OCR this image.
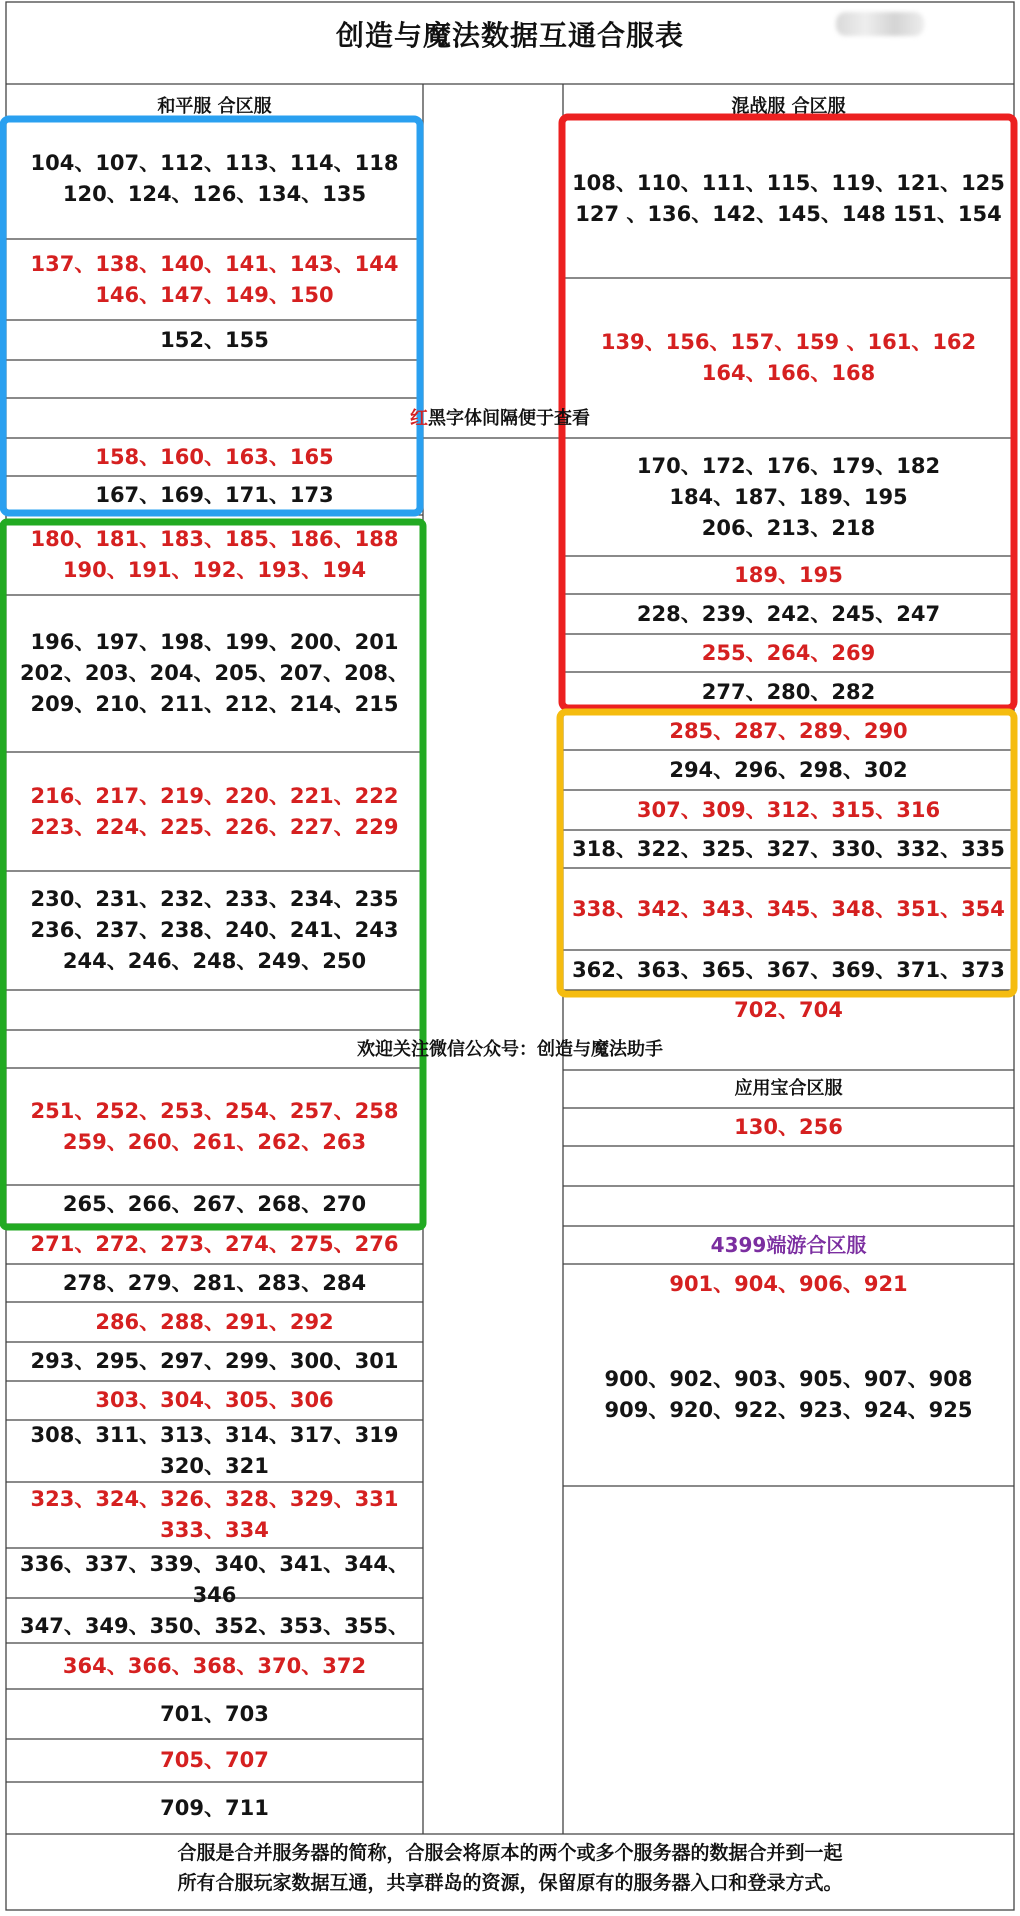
创造与魔法数据互通合服表
和平服 合区服	混战服 合区服
104、107、112、113、114、118
120、124、126、134、135
137、138、140、141、143、144
146、147、149、150
152、155
158、160、163、165
167、169、171、173
180、181、183、185、186、188
190、191、192、193、194
196、197、198、199、200、201
202、203、204、205、207、208、
209、210、211、212、214、215
216、217、219、220、221、222
223、224、225、226、227、229
230、231、232、233、234、235
236、237、238、240、241、243
244、246、248、249、250
251、252、253、254、257、258
259、260、261、262、263
265、266、267、268、270
271、272、273、274、275、276
278、279、281、283、284
286、288、291、292
293、295、297、299、300、301
303、304、305、306
308、311、313、314、317、319
320、321
323、324、326、328、329、331
333、334
336、337、339、340、341、344、
346
347、349、350、352、353、355、
364、366、368、370、372
701、703
705、707
709、711
108、110、111、115、119、121、125
127 、136、142、145、148 151、154
139、156、157、159 、161、162
164、166、168
170、172、176、179、182
184、187、189、195
206、213、218
189、195
228、239、242、245、247
255、264、269
277、280、282
285、287、289、290
294、296、298、302
307、309、312、315、316
318、322、325、327、330、332、335
338、342、343、345、348、351、354
362、363、365、367、369、371、373
702、704
红黑字体间隔便于查看
欢迎关注微信公众号：创造与魔法助手
应用宝合区服
130、256
4399端游合区服
901、904、906、921
900、902、903、905、907、908
909、920、922、923、924、925
合服是合并服务器的简称，合服会将原本的两个或多个服务器的数据合并到一起
所有合服玩家数据互通，共享群岛的资源，保留原有的服务器入口和登录方式。
